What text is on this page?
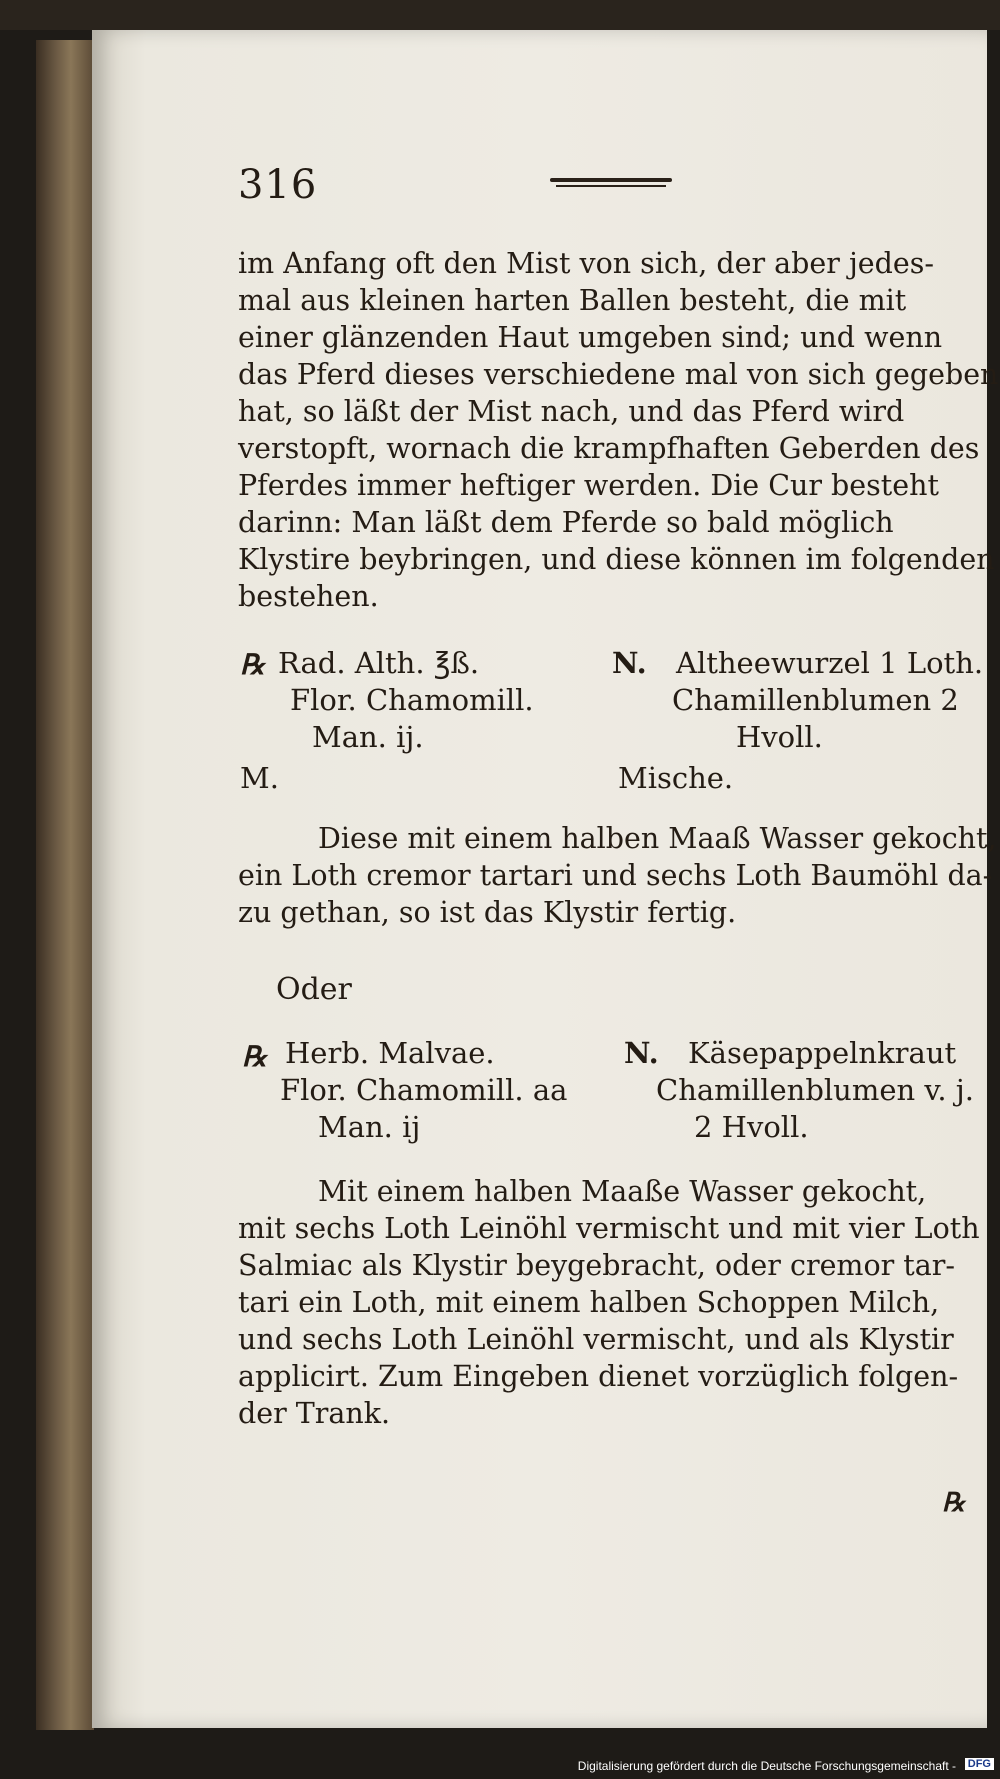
316
im Anfang oft den Mist von sich, der aber jedes-
mal aus kleinen harten Ballen besteht, die mit
einer glänzenden Haut umgeben sind; und wenn
das Pferd dieses verschiedene mal von sich gegeben
hat, so läßt der Mist nach, und das Pferd wird
verstopft, wornach die krampfhaften Geberden des
Pferdes immer heftiger werden. Die Cur besteht
darinn: Man läßt dem Pferde so bald möglich
Klystire beybringen, und diese können im folgenden
bestehen.
℞ Rad. Alth. ℥ß.
Flor. Chamomill.
Man. ij.
M.
N. Altheewurzel 1 Loth.
Chamillenblumen 2
Hvoll.
Mische.
Diese mit einem halben Maaß Wasser gekocht,
ein Loth cremor tartari und sechs Loth Baumöhl da-
zu gethan, so ist das Klystir fertig.
Oder
℞ Herb. Malvae.
Flor. Chamomill. aa
Man. ij
N. Käsepappelnkraut
Chamillenblumen v. j.
2 Hvoll.
Mit einem halben Maaße Wasser gekocht,
mit sechs Loth Leinöhl vermischt und mit vier Loth
Salmiac als Klystir beygebracht, oder cremor tar-
tari ein Loth, mit einem halben Schoppen Milch,
und sechs Loth Leinöhl vermischt, und als Klystir
applicirt. Zum Eingeben dienet vorzüglich folgen-
der Trank.
℞
Digitalisierung gefördert durch die Deutsche Forschungsgemeinschaft - DFG
